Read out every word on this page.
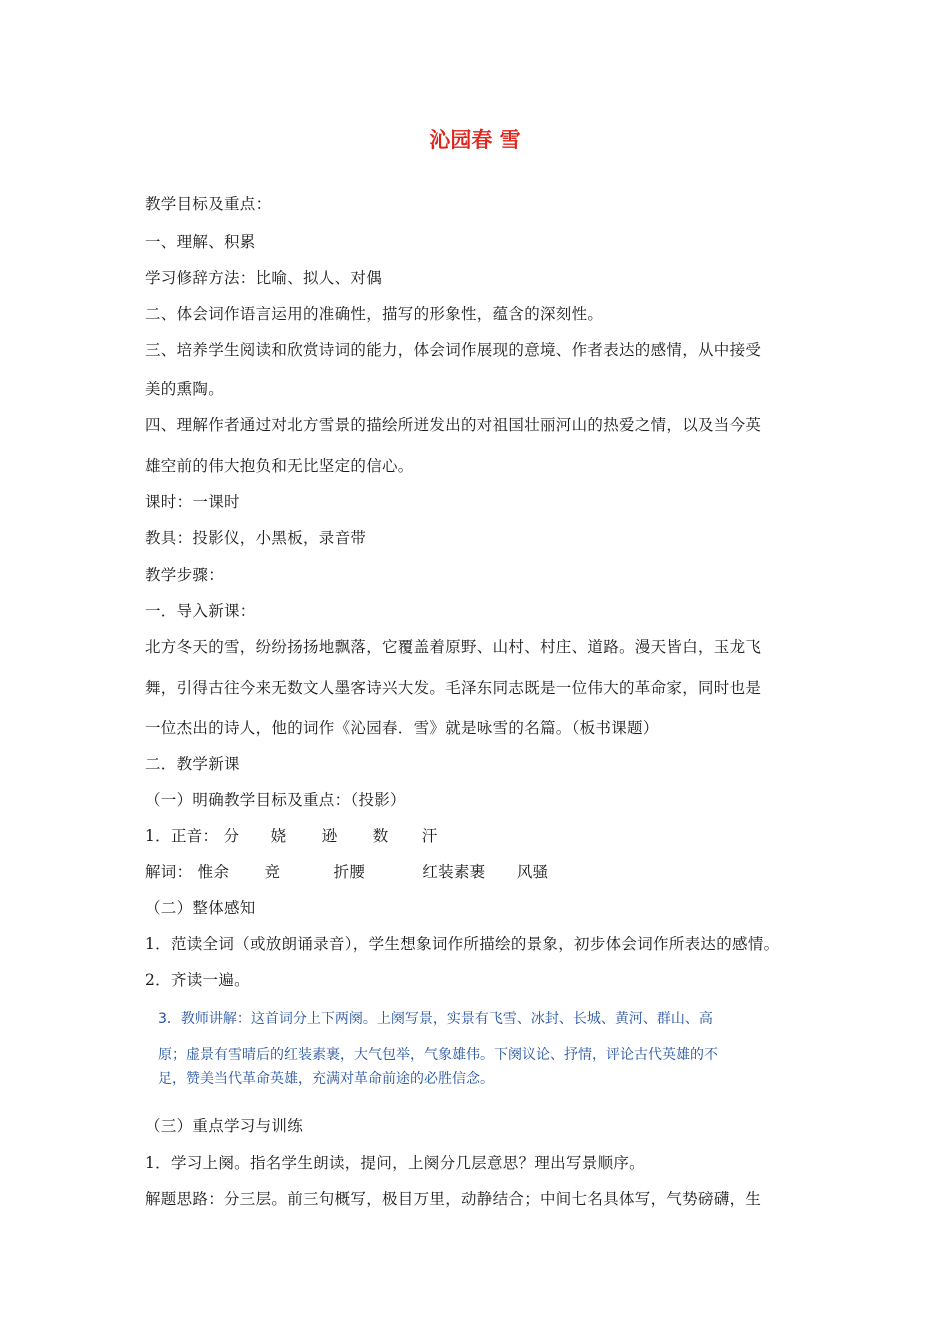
沁园春 雪
教学目标及重点：
一、理解、积累
学习修辞方法：比喻、拟人、对偶
二、体会词作语言运用的准确性，描写的形象性，蕴含的深刻性。
三、培养学生阅读和欣赏诗词的能力，体会词作展现的意境、作者表达的感情，从中接受
美的熏陶。
四、理解作者通过对北方雪景的描绘所迸发出的对祖国壮丽河山的热爱之情，以及当今英
雄空前的伟大抱负和无比坚定的信心。
课时：一课时
教具：投影仪，小黑板，录音带
教学步骤：
一．导入新课：
北方冬天的雪，纷纷扬扬地飘落，它覆盖着原野、山村、村庄、道路。漫天皆白，玉龙飞
舞，引得古往今来无数文人墨客诗兴大发。毛泽东同志既是一位伟大的革命家，同时也是
一位杰出的诗人，他的词作《沁园春．雪》就是咏雪的名篇。（板书课题）
二．教学新课
（一）明确教学目标及重点：（投影）
1．正音： 分 娆 逊 数 汗
解词： 惟余 竞	折腰	红装素裹 风骚
（二）整体感知
1．范读全词（或放朗诵录音），学生想象词作所描绘的景象，初步体会词作所表达的感情。
2．齐读一遍。
3．教师讲解：这首词分上下两阕。上阕写景，实景有飞雪、冰封、长城、黄河、群山、高
原；虚景有雪晴后的红装素裹，大气包举，气象雄伟。下阕议论、抒情，评论古代英雄的不
足，赞美当代革命英雄，充满对革命前途的必胜信念。
（三）重点学习与训练
1．学习上阕。指名学生朗读，提问，上阕分几层意思？理出写景顺序。
解题思路：分三层。前三句概写，极目万里，动静结合；中间七名具体写，气势磅礴，生
